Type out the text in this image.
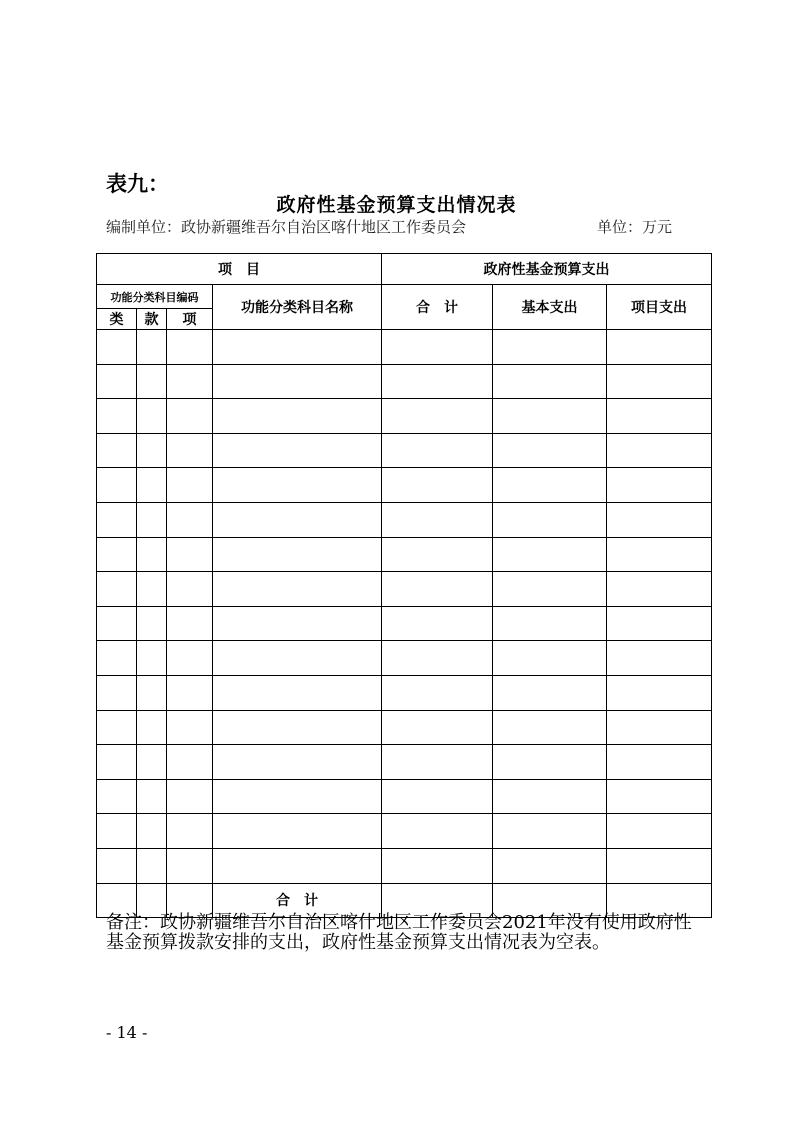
表九：
政府性基金预算支出情况表
编制单位：政协新疆维吾尔自治区喀什地区工作委员会	单位：万元
项　目				政府性基金预算支出		
功能分类科目编码			功能分类科目名称	合　计	基本支出	项目支出
类	款	项				

			合　计			

备注：政协新疆维吾尔自治区喀什地区工作委员会2021年没有使用政府性基金预算拨款安排的支出，政府性基金预算支出情况表为空表。

- 14 -
